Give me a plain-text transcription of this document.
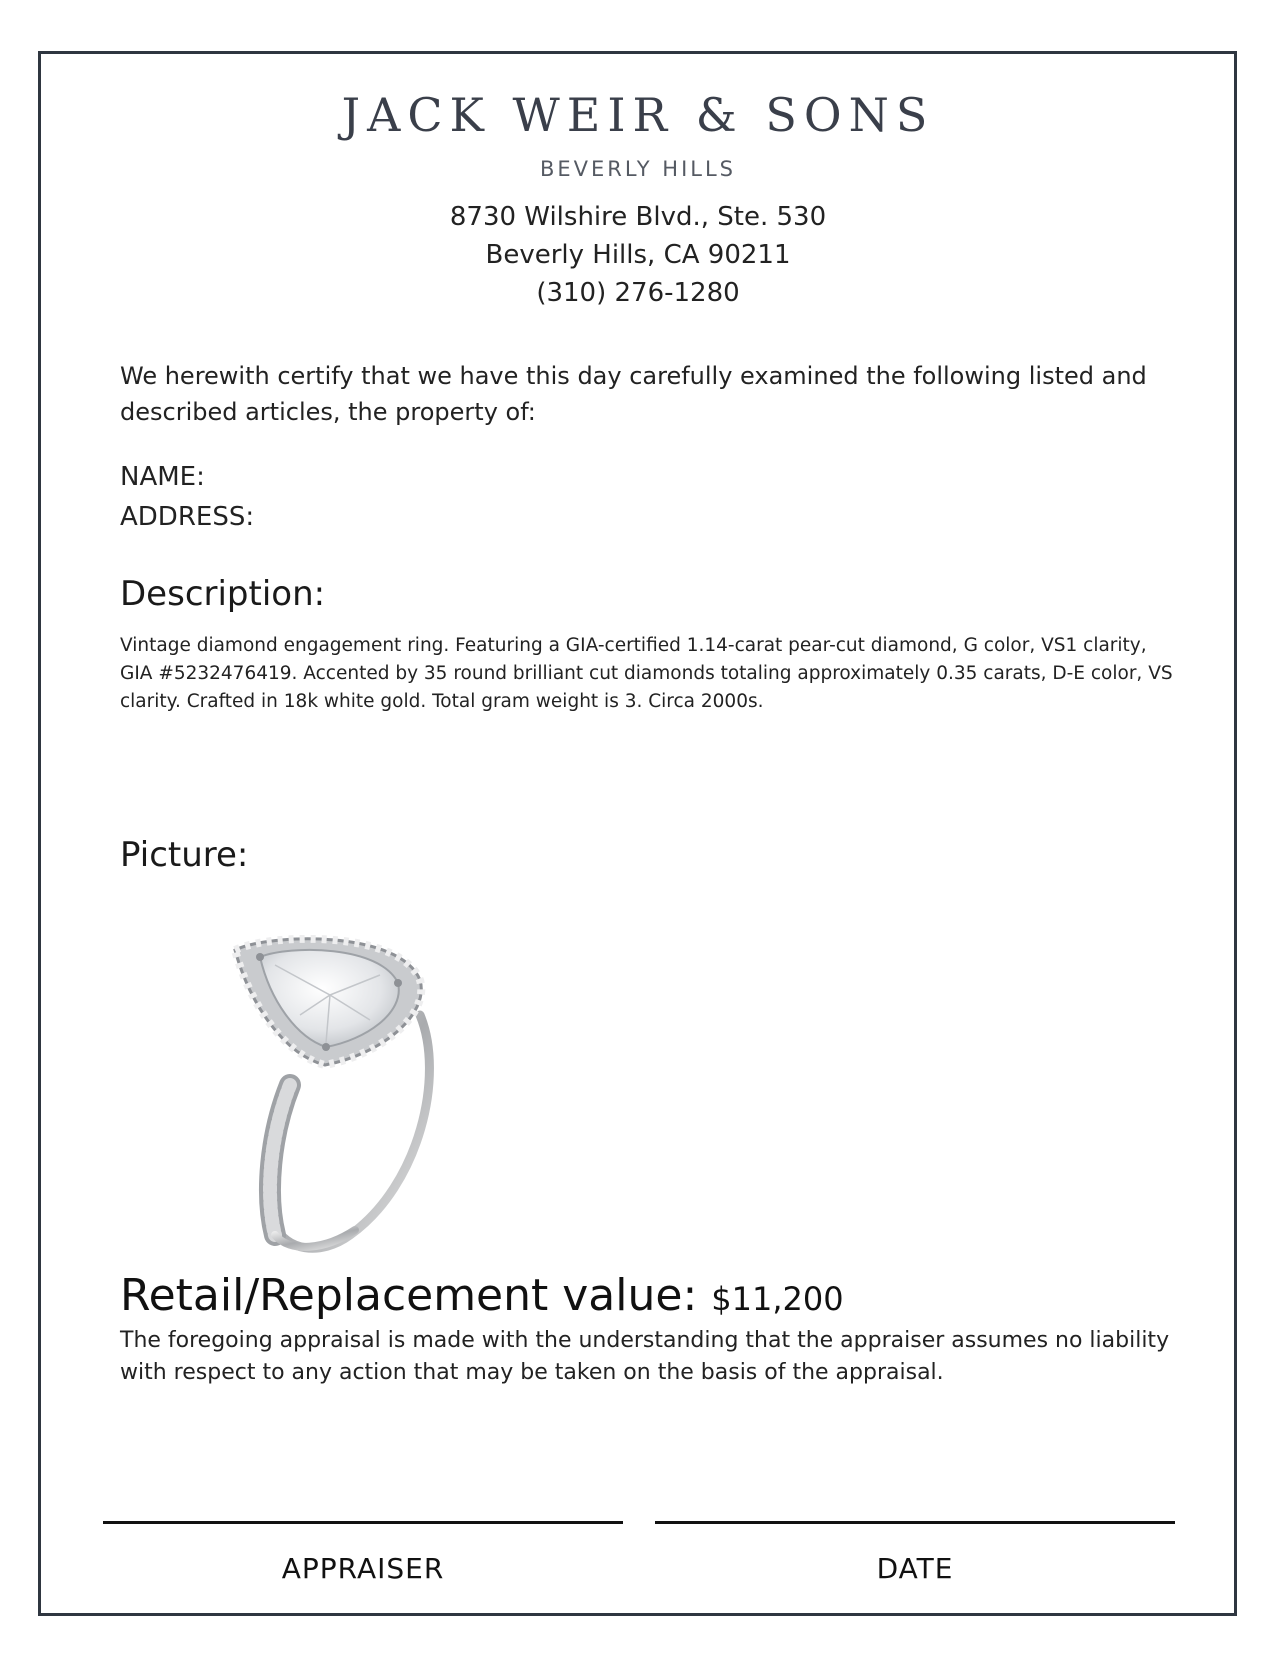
JACK WEIR & SONS
BEVERLY HILLS
8730 Wilshire Blvd., Ste. 530
Beverly Hills, CA 90211
(310) 276-1280
We herewith certify that we have this day carefully examined the following listed and described articles, the property of:
NAME:
ADDRESS:
Description:
Vintage diamond engagement ring. Featuring a GIA-certified 1.14-carat pear-cut diamond, G color, VS1 clarity, GIA #5232476419. Accented by 35 round brilliant cut diamonds totaling approximately 0.35 carats, D-E color, VS clarity. Crafted in 18k white gold. Total gram weight is 3. Circa 2000s.
Picture:
Retail/Replacement value: $11,200
The foregoing appraisal is made with the understanding that the appraiser assumes no liability with respect to any action that may be taken on the basis of the appraisal.
APPRAISER	DATE
